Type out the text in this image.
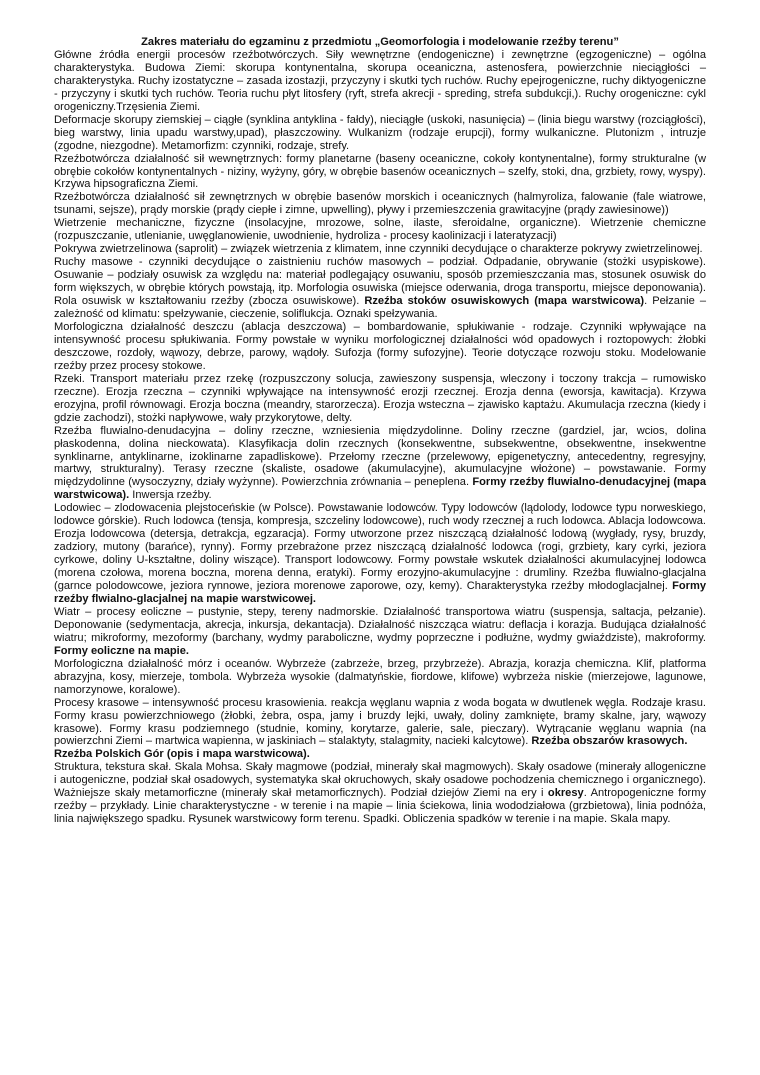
Zakres materiału do egzaminu z przedmiotu „Geomorfologia i modelowanie rzeźby terenu”

Główne źródła energii procesów rzeźbotwórczych. Siły wewnętrzne (endogeniczne) i zewnętrzne (egzogeniczne) – ogólna charakterystyka. Budowa Ziemi: skorupa kontynentalna, skorupa oceaniczna, astenosfera, powierzchnie nieciągłości – charakterystyka. Ruchy izostatyczne – zasada izostazji, przyczyny i skutki tych ruchów. Ruchy epejrogeniczne, ruchy diktyogeniczne - przyczyny i skutki tych ruchów. Teoria ruchu płyt litosfery (ryft, strefa akrecji - spreding, strefa subdukcji,). Ruchy orogeniczne: cykl orogeniczny.Trzęsienia Ziemi.

Deformacje skorupy ziemskiej – ciągłe (synklina antyklina - fałdy), nieciągłe (uskoki, nasunięcia) – (linia biegu warstwy (rozciągłości), bieg warstwy, linia upadu warstwy,upad), płaszczowiny. Wulkanizm (rodzaje erupcji), formy wulkaniczne. Plutonizm , intruzje (zgodne, niezgodne). Metamorfizm: czynniki, rodzaje, strefy.

Rzeźbotwórcza działalność sił wewnętrznych: formy planetarne (baseny oceaniczne, cokoły kontynentalne), formy strukturalne (w obrębie cokołów kontynentalnych - niziny, wyżyny, góry, w obrębie basenów oceanicznych – szelfy, stoki, dna, grzbiety, rowy, wyspy). Krzywa hipsograficzna Ziemi.

Rzeźbotwórcza działalność sił zewnętrznych w obrębie basenów morskich i oceanicznych (halmyroliza, falowanie (fale wiatrowe, tsunami, sejsze), prądy morskie (prądy ciepłe i zimne, upwelling), pływy i przemieszczenia grawitacyjne (prądy zawiesinowe))

Wietrzenie mechaniczne, fizyczne (insolacyjne, mrozowe, solne, ilaste, sferoidalne, organiczne). Wietrzenie chemiczne (rozpuszczanie, utlenianie, uwęglanowienie, uwodnienie, hydroliza - procesy kaolinizacji i lateratyzacji)

Pokrywa zwietrzelinowa (saprolit) – związek wietrzenia z klimatem, inne czynniki decydujące o charakterze pokrywy zwietrzelinowej.

Ruchy masowe - czynniki decydujące o zaistnieniu ruchów masowych – podział. Odpadanie, obrywanie (stożki usypiskowe). Osuwanie – podziały osuwisk za względu na: materiał podlegający osuwaniu, sposób przemieszczania mas, stosunek osuwisk do form większych, w obrębie których powstają, itp. Morfologia osuwiska (miejsce oderwania, droga transportu, miejsce deponowania). Rola osuwisk w kształtowaniu rzeźby (zbocza osuwiskowe). Rzeźba stoków osuwiskowych (mapa warstwicowa). Pełzanie – zależność od klimatu: spełzywanie, cieczenie, soliflukcja. Oznaki spełzywania.

Morfologiczna działalność deszczu (ablacja deszczowa) – bombardowanie, spłukiwanie - rodzaje. Czynniki wpływające na intensywność procesu spłukiwania. Formy powstałe w wyniku morfologicznej działalności wód opadowych i roztopowych: żłobki deszczowe, rozdoły, wąwozy, debrze, parowy, wądoły. Sufozja (formy sufozyjne). Teorie dotyczące rozwoju stoku. Modelowanie rzeźby przez procesy stokowe.

Rzeki. Transport materiału przez rzekę (rozpuszczony solucja, zawieszony suspensja, wleczony i toczony trakcja – rumowisko rzeczne). Erozja rzeczna – czynniki wpływające na intensywność erozji rzecznej. Erozja denna (eworsja, kawitacja). Krzywa erozyjna, profil równowagi. Erozja boczna (meandry, starorzecza). Erozja wsteczna – zjawisko kaptażu. Akumulacja rzeczna (kiedy i gdzie zachodzi), stożki napływowe, wały przykorytowe, delty.

Rzeźba fluwialno-denudacyjna – doliny rzeczne, wzniesienia międzydolinne. Doliny rzeczne (gardziel, jar, wcios, dolina płaskodenna, dolina nieckowata). Klasyfikacja dolin rzecznych (konsekwentne, subsekwentne, obsekwentne, insekwentne synklinarne, antyklinarne, izoklinarne zapadliskowe). Przełomy rzeczne (przelewowy, epigenetyczny, antecedentny, regresyjny, martwy, strukturalny). Terasy rzeczne (skaliste, osadowe (akumulacyjne), akumulacyjne włożone) – powstawanie. Formy międzydolinne (wysoczyzny, działy wyżynne). Powierzchnia zrównania – peneplena. Formy rzeźby fluwialno-denudacyjnej (mapa warstwicowa). Inwersja rzeźby.

Lodowiec – zlodowacenia plejstoceńskie (w Polsce). Powstawanie lodowców. Typy lodowców (lądolody, lodowce typu norweskiego, lodowce górskie). Ruch lodowca (tensja, kompresja, szczeliny lodowcowe), ruch wody rzecznej a ruch lodowca. Ablacja lodowcowa. Erozja lodowcowa (detersja, detrakcja, egzaracja). Formy utworzone przez niszczącą działalność lodową (wygłady, rysy, bruzdy, zadziory, mutony (barańce), rynny). Formy przebrażone przez niszczącą działalność lodowca (rogi, grzbiety, kary cyrki, jeziora cyrkowe, doliny U-kształtne, doliny wiszące). Transport lodowcowy. Formy powstałe wskutek działalności akumulacyjnej lodowca (morena czołowa, morena boczna, morena denna, eratyki). Formy erozyjno-akumulacyjne : drumliny. Rzeźba fluwialno-glacjalna (garnce polodowcowe, jeziora rynnowe, jeziora morenowe zaporowe, ozy, kemy). Charakterystyka rzeźby młodoglacjalnej. Formy rzeźby flwialno-glacjalnej na mapie warstwicowej.

Wiatr – procesy eoliczne – pustynie, stepy, tereny nadmorskie. Działalność transportowa wiatru (suspensja, saltacja, pełzanie). Deponowanie (sedymentacja, akrecja, inkursja, dekantacja). Działalność niszcząca wiatru: deflacja i korazja. Budująca działalność wiatru; mikroformy, mezoformy (barchany, wydmy paraboliczne, wydmy poprzeczne i podłużne, wydmy gwiaździste), makroformy. Formy eoliczne na mapie.

Morfologiczna działalność mórz i oceanów. Wybrzeże (zabrzeże, brzeg, przybrzeże). Abrazja, korazja chemiczna. Klif, platforma abrazyjna, kosy, mierzeje, tombola. Wybrzeża wysokie (dalmatyńskie, fiordowe, klifowe) wybrzeża niskie (mierzejowe, lagunowe, namorzynowe, koralowe).

Procesy krasowe – intensywność procesu krasowienia. reakcja węglanu wapnia z woda bogata w dwutlenek węgla. Rodzaje krasu. Formy krasu powierzchniowego (żłobki, żebra, ospa, jamy i bruzdy lejki, uwały, doliny zamknięte, bramy skalne, jary, wąwozy krasowe). Formy krasu podziemnego (studnie, kominy, korytarze, galerie, sale, pieczary). Wytrącanie węglanu wapnia (na powierzchni Ziemi – martwica wapienna, w jaskiniach – stalaktyty, stalagmity, nacieki kalcytowe). Rzeźba obszarów krasowych.

Rzeźba Polskich Gór (opis i mapa warstwicowa).

Struktura, tekstura skał. Skala Mohsa. Skały magmowe (podział, minerały skał magmowych). Skały osadowe (minerały allogeniczne i autogeniczne, podział skał osadowych, systematyka skał okruchowych, skały osadowe pochodzenia chemicznego i organicznego). Ważniejsze skały metamorficzne (minerały skał metamorficznych). Podział dziejów Ziemi na ery i okresy. Antropogeniczne formy rzeźby – przykłady. Linie charakterystyczne - w terenie i na mapie – linia ściekowa, linia wododziałowa (grzbietowa), linia podnóża, linia największego spadku. Rysunek warstwicowy form terenu. Spadki. Obliczenia spadków w terenie i na mapie. Skala mapy.
